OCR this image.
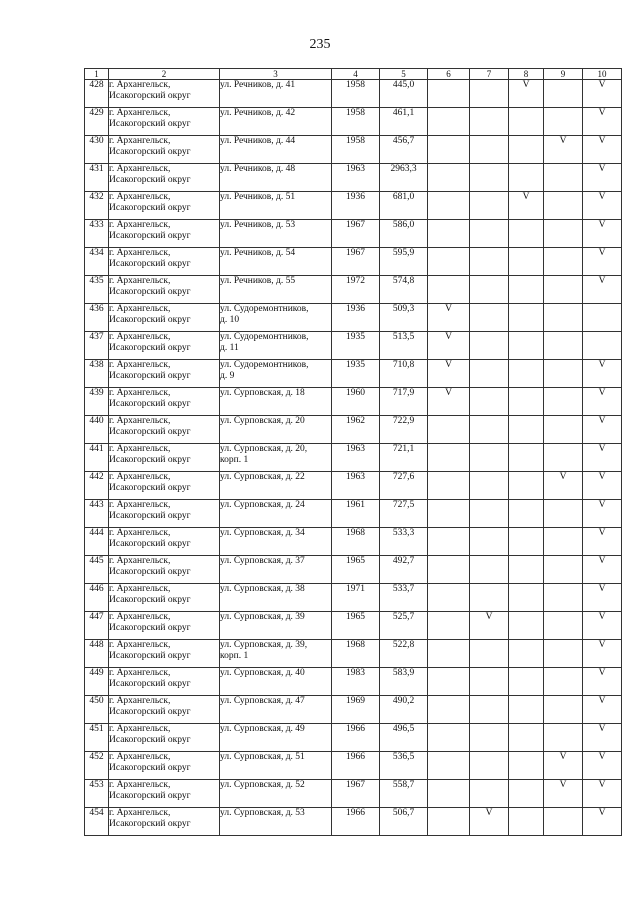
235
1	2	3	4	5	6	7	8	9	10
428	г. Архангельск,
Исакогорский округ	ул. Речников, д. 41	1958	445,0			V		V
429	г. Архангельск,
Исакогорский округ	ул. Речников, д. 42	1958	461,1					V
430	г. Архангельск,
Исакогорский округ	ул. Речников, д. 44	1958	456,7				V	V
431	г. Архангельск,
Исакогорский округ	ул. Речников, д. 48	1963	2963,3					V
432	г. Архангельск,
Исакогорский округ	ул. Речников, д. 51	1936	681,0			V		V
433	г. Архангельск,
Исакогорский округ	ул. Речников, д. 53	1967	586,0					V
434	г. Архангельск,
Исакогорский округ	ул. Речников, д. 54	1967	595,9					V
435	г. Архангельск,
Исакогорский округ	ул. Речников, д. 55	1972	574,8					V
436	г. Архангельск,
Исакогорский округ	ул. Судоремонтников,
д. 10	1936	509,3	V				
437	г. Архангельск,
Исакогорский округ	ул. Судоремонтников,
д. 11	1935	513,5	V				
438	г. Архангельск,
Исакогорский округ	ул. Судоремонтников,
д. 9	1935	710,8	V				V
439	г. Архангельск,
Исакогорский округ	ул. Сурповская, д. 18	1960	717,9	V				V
440	г. Архангельск,
Исакогорский округ	ул. Сурповская, д. 20	1962	722,9					V
441	г. Архангельск,
Исакогорский округ	ул. Сурповская, д. 20,
корп. 1	1963	721,1					V
442	г. Архангельск,
Исакогорский округ	ул. Сурповская, д. 22	1963	727,6				V	V
443	г. Архангельск,
Исакогорский округ	ул. Сурповская, д. 24	1961	727,5					V
444	г. Архангельск,
Исакогорский округ	ул. Сурповская, д. 34	1968	533,3					V
445	г. Архангельск,
Исакогорский округ	ул. Сурповская, д. 37	1965	492,7					V
446	г. Архангельск,
Исакогорский округ	ул. Сурповская, д. 38	1971	533,7					V
447	г. Архангельск,
Исакогорский округ	ул. Сурповская, д. 39	1965	525,7		V			V
448	г. Архангельск,
Исакогорский округ	ул. Сурповская, д. 39,
корп. 1	1968	522,8					V
449	г. Архангельск,
Исакогорский округ	ул. Сурповская, д. 40	1983	583,9					V
450	г. Архангельск,
Исакогорский округ	ул. Сурповская, д. 47	1969	490,2					V
451	г. Архангельск,
Исакогорский округ	ул. Сурповская, д. 49	1966	496,5					V
452	г. Архангельск,
Исакогорский округ	ул. Сурповская, д. 51	1966	536,5				V	V
453	г. Архангельск,
Исакогорский округ	ул. Сурповская, д. 52	1967	558,7				V	V
454	г. Архангельск,
Исакогорский округ	ул. Сурповская, д. 53	1966	506,7		V			V
